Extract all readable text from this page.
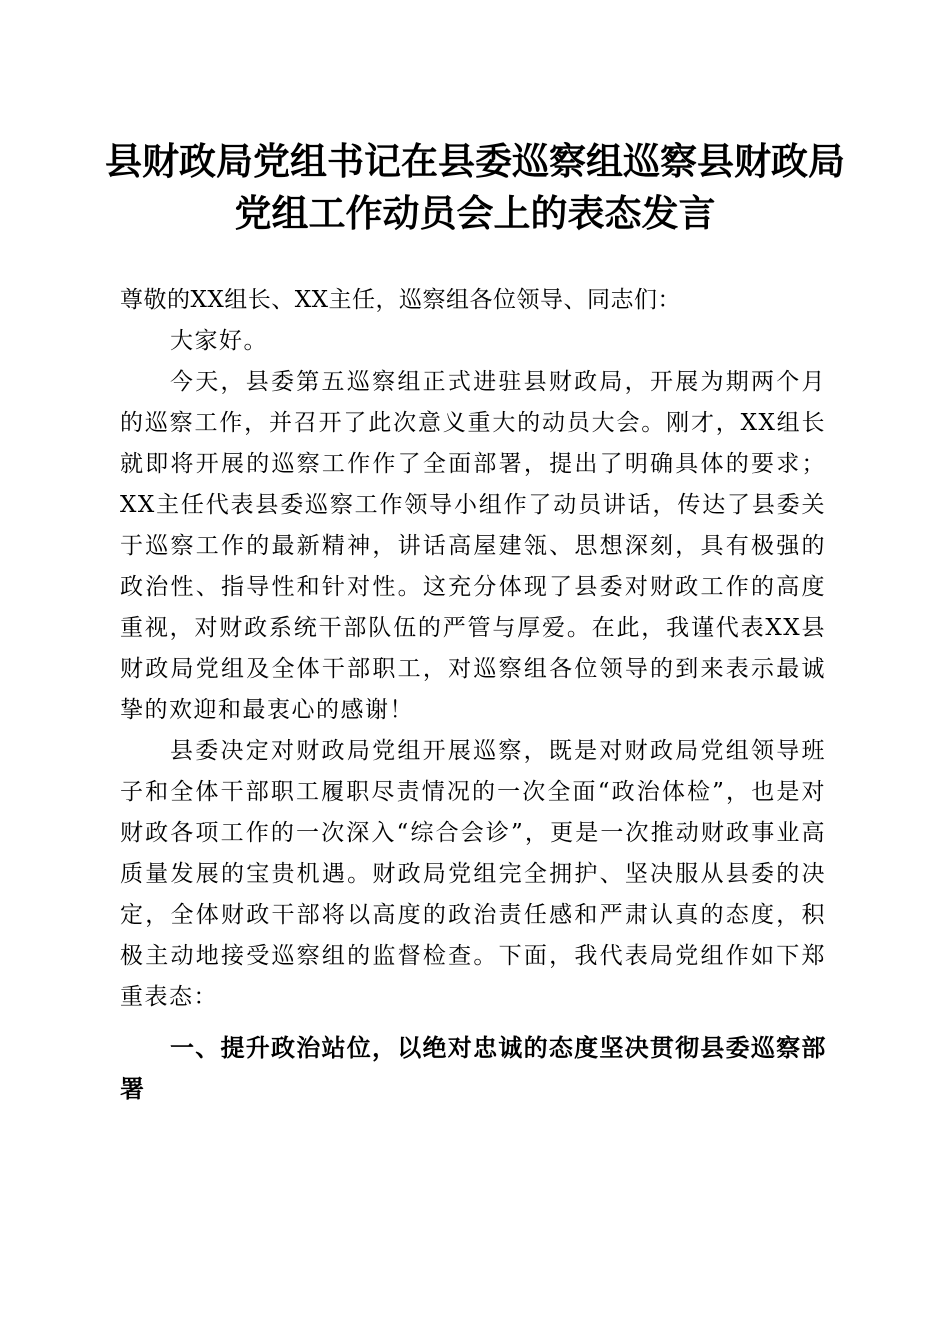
县财政局党组书记在县委巡察组巡察县财政局
党组工作动员会上的表态发言

尊敬的XX组长、XX主任，巡察组各位领导、同志们：

大家好。

今天，县委第五巡察组正式进驻县财政局，开展为期两个月的巡察工作，并召开了此次意义重大的动员大会。刚才，XX组长就即将开展的巡察工作作了全面部署，提出了明确具体的要求；XX主任代表县委巡察工作领导小组作了动员讲话，传达了县委关于巡察工作的最新精神，讲话高屋建瓴、思想深刻，具有极强的政治性、指导性和针对性。这充分体现了县委对财政工作的高度重视，对财政系统干部队伍的严管与厚爱。在此，我谨代表XX县财政局党组及全体干部职工，对巡察组各位领导的到来表示最诚挚的欢迎和最衷心的感谢！

县委决定对财政局党组开展巡察，既是对财政局党组领导班子和全体干部职工履职尽责情况的一次全面“政治体检”，也是对财政各项工作的一次深入“综合会诊”，更是一次推动财政事业高质量发展的宝贵机遇。财政局党组完全拥护、坚决服从县委的决定，全体财政干部将以高度的政治责任感和严肃认真的态度，积极主动地接受巡察组的监督检查。下面，我代表局党组作如下郑重表态：

一、提升政治站位，以绝对忠诚的态度坚决贯彻县委巡察部署
